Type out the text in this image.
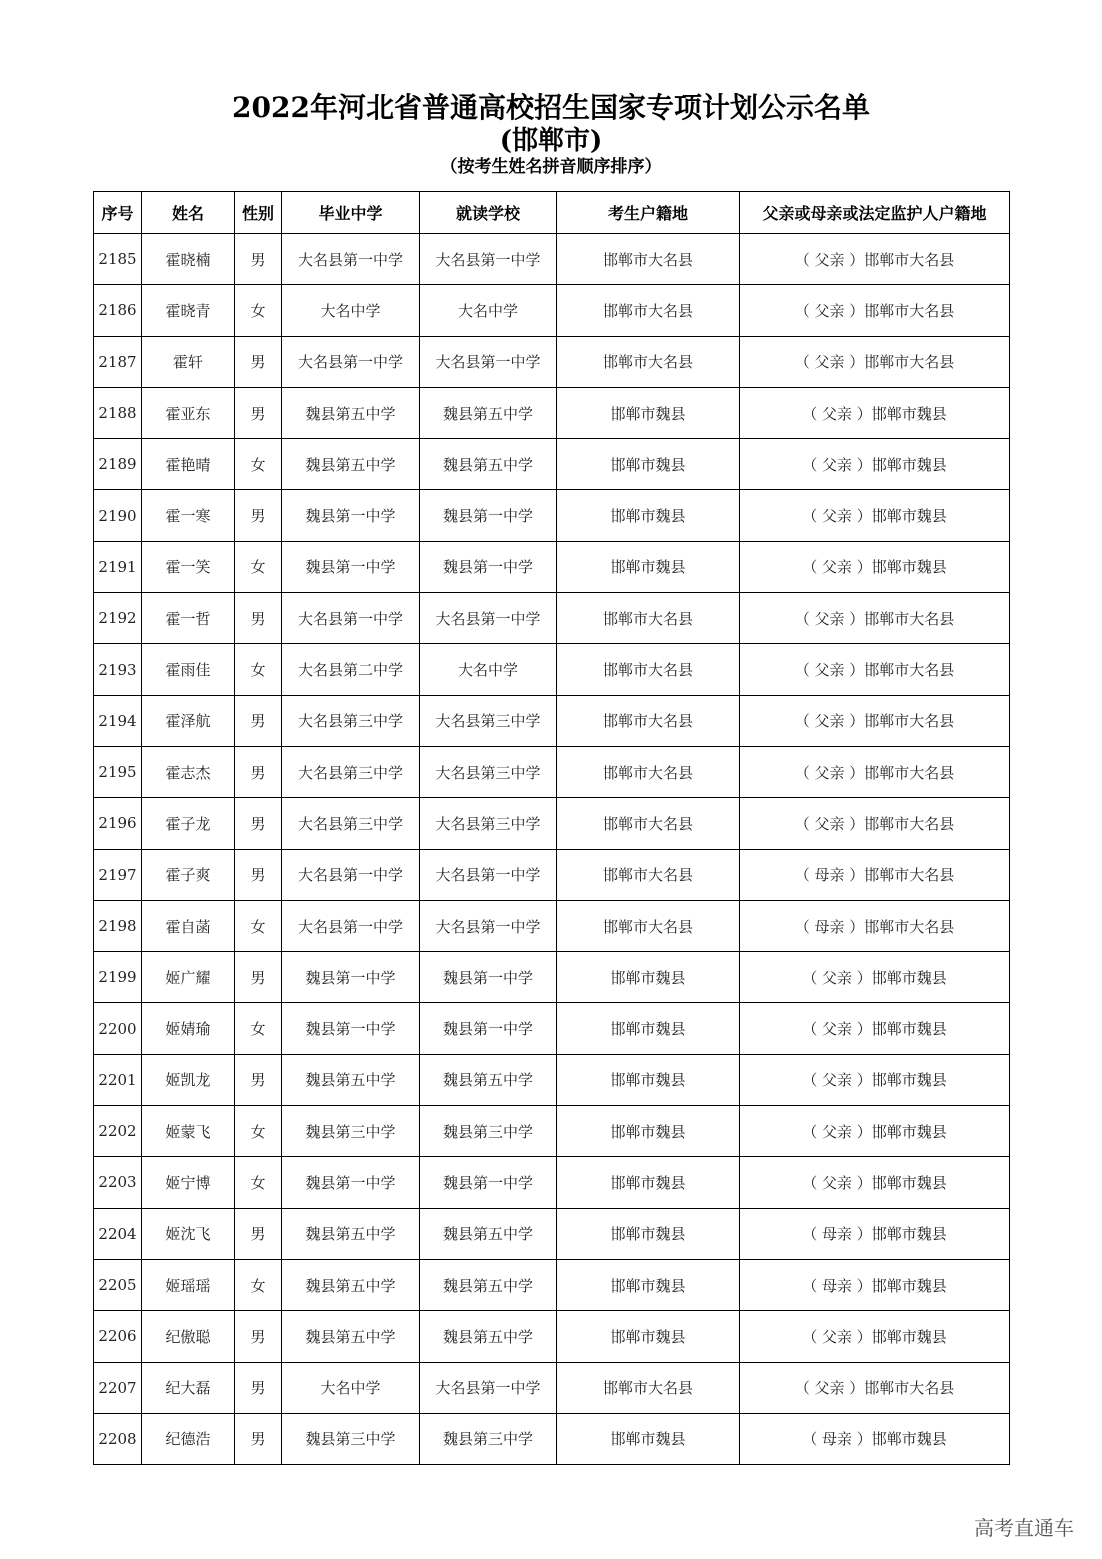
2022年河北省普通高校招生国家专项计划公示名单
(邯郸市)
（按考生姓名拼音顺序排序）
序号	姓名	性别	毕业中学	就读学校	考生户籍地	父亲或母亲或法定监护人户籍地
2185	霍晓楠	男	大名县第一中学	大名县第一中学	邯郸市大名县	（ 父亲 ）邯郸市大名县
2186	霍晓青	女	大名中学	大名中学	邯郸市大名县	（ 父亲 ）邯郸市大名县
2187	霍轩	男	大名县第一中学	大名县第一中学	邯郸市大名县	（ 父亲 ）邯郸市大名县
2188	霍亚东	男	魏县第五中学	魏县第五中学	邯郸市魏县	（ 父亲 ）邯郸市魏县
2189	霍艳晴	女	魏县第五中学	魏县第五中学	邯郸市魏县	（ 父亲 ）邯郸市魏县
2190	霍一寒	男	魏县第一中学	魏县第一中学	邯郸市魏县	（ 父亲 ）邯郸市魏县
2191	霍一笑	女	魏县第一中学	魏县第一中学	邯郸市魏县	（ 父亲 ）邯郸市魏县
2192	霍一哲	男	大名县第一中学	大名县第一中学	邯郸市大名县	（ 父亲 ）邯郸市大名县
2193	霍雨佳	女	大名县第二中学	大名中学	邯郸市大名县	（ 父亲 ）邯郸市大名县
2194	霍泽航	男	大名县第三中学	大名县第三中学	邯郸市大名县	（ 父亲 ）邯郸市大名县
2195	霍志杰	男	大名县第三中学	大名县第三中学	邯郸市大名县	（ 父亲 ）邯郸市大名县
2196	霍子龙	男	大名县第三中学	大名县第三中学	邯郸市大名县	（ 父亲 ）邯郸市大名县
2197	霍子爽	男	大名县第一中学	大名县第一中学	邯郸市大名县	（ 母亲 ）邯郸市大名县
2198	霍自菡	女	大名县第一中学	大名县第一中学	邯郸市大名县	（ 母亲 ）邯郸市大名县
2199	姬广耀	男	魏县第一中学	魏县第一中学	邯郸市魏县	（ 父亲 ）邯郸市魏县
2200	姬婧瑜	女	魏县第一中学	魏县第一中学	邯郸市魏县	（ 父亲 ）邯郸市魏县
2201	姬凯龙	男	魏县第五中学	魏县第五中学	邯郸市魏县	（ 父亲 ）邯郸市魏县
2202	姬蒙飞	女	魏县第三中学	魏县第三中学	邯郸市魏县	（ 父亲 ）邯郸市魏县
2203	姬宁博	女	魏县第一中学	魏县第一中学	邯郸市魏县	（ 父亲 ）邯郸市魏县
2204	姬沈飞	男	魏县第五中学	魏县第五中学	邯郸市魏县	（ 母亲 ）邯郸市魏县
2205	姬瑶瑶	女	魏县第五中学	魏县第五中学	邯郸市魏县	（ 母亲 ）邯郸市魏县
2206	纪傲聪	男	魏县第五中学	魏县第五中学	邯郸市魏县	（ 父亲 ）邯郸市魏县
2207	纪大磊	男	大名中学	大名县第一中学	邯郸市大名县	（ 父亲 ）邯郸市大名县
2208	纪德浩	男	魏县第三中学	魏县第三中学	邯郸市魏县	（ 母亲 ）邯郸市魏县
高考直通车
